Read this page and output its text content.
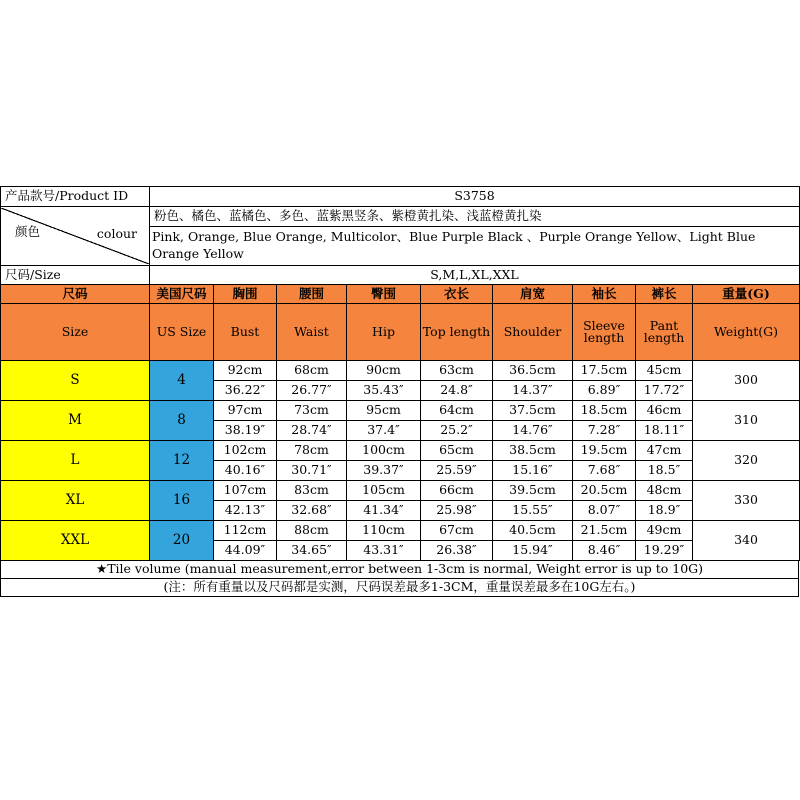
产品款号/Product ID	S3758								

颜色 colour	粉色、橘色、蓝橘色、多色、蓝紫黑竖条、紫橙黄扎染、浅蓝橙黄扎染								
	Pink, Orange, Blue Orange, Multicolor、Blue Purple Black 、Purple Orange Yellow、Light Blue Orange Yellow								
尺码/Size	S,M,L,XL,XXL								
尺码	美国尺码	胸围	腰围	臀围	衣长	肩宽	袖长	裤长	重量(G)
Size	US Size	Bust	Waist	Hip	Top length	Shoulder	Sleeve length	Pant length	Weight(G)
S	4	92cm	68cm	90cm	63cm	36.5cm	17.5cm	45cm	300
		36.22″	26.77″	35.43″	24.8″	14.37″	6.89″	17.72″	
M	8	97cm	73cm	95cm	64cm	37.5cm	18.5cm	46cm	310
		38.19″	28.74″	37.4″	25.2″	14.76″	7.28″	18.11″	
L	12	102cm	78cm	100cm	65cm	38.5cm	19.5cm	47cm	320
		40.16″	30.71″	39.37″	25.59″	15.16″	7.68″	18.5″	
XL	16	107cm	83cm	105cm	66cm	39.5cm	20.5cm	48cm	330
		42.13″	32.68″	41.34″	25.98″	15.55″	8.07″	18.9″	
XXL	20	112cm	88cm	110cm	67cm	40.5cm	21.5cm	49cm	340
		44.09″	34.65″	43.31″	26.38″	15.94″	8.46″	19.29″	
★Tile volume (manual measurement,error between 1-3cm is normal, Weight error is up to 10G)
(注：所有重量以及尺码都是实测，尺码误差最多1-3CM，重量误差最多在10G左右。)
